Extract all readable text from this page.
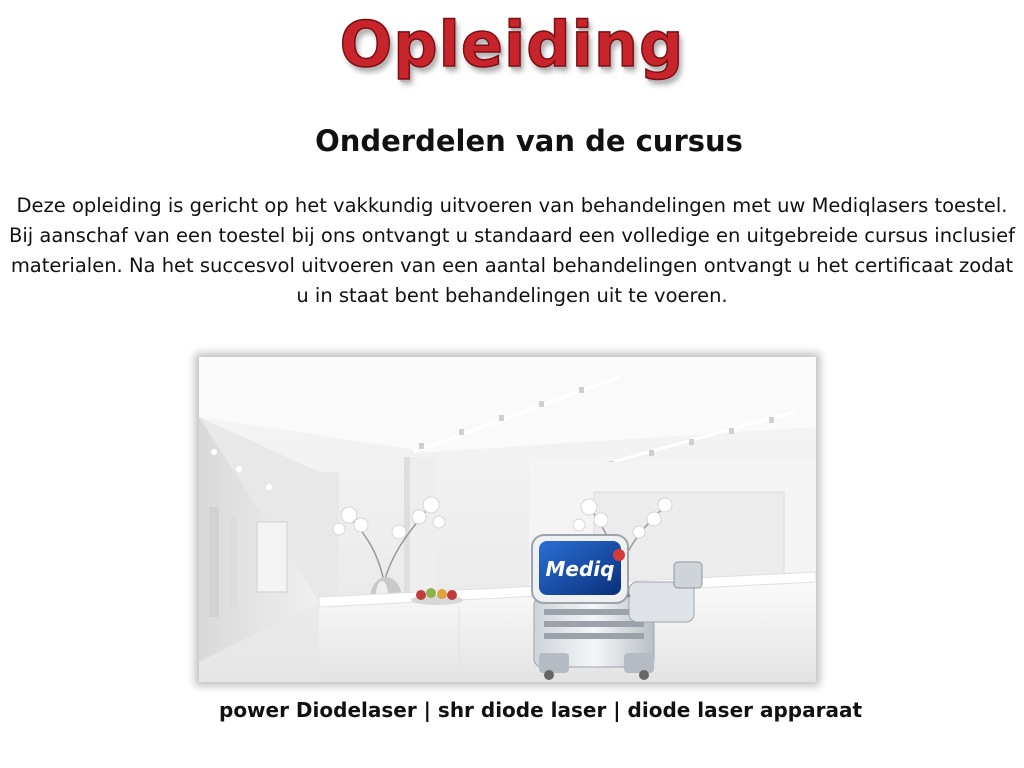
Opleiding
Onderdelen van de cursus
Deze opleiding is gericht op het vakkundig uitvoeren van behandelingen met uw Mediqlasers toestel. Bij aanschaf van een toestel bij ons ontvangt u standaard een volledige en uitgebreide cursus inclusief materialen. Na het succesvol uitvoeren van een aantal behandelingen ontvangt u het certificaat zodat u in staat bent behandelingen uit te voeren.
Mediq
power Diodelaser | shr diode laser | diode laser apparaat
